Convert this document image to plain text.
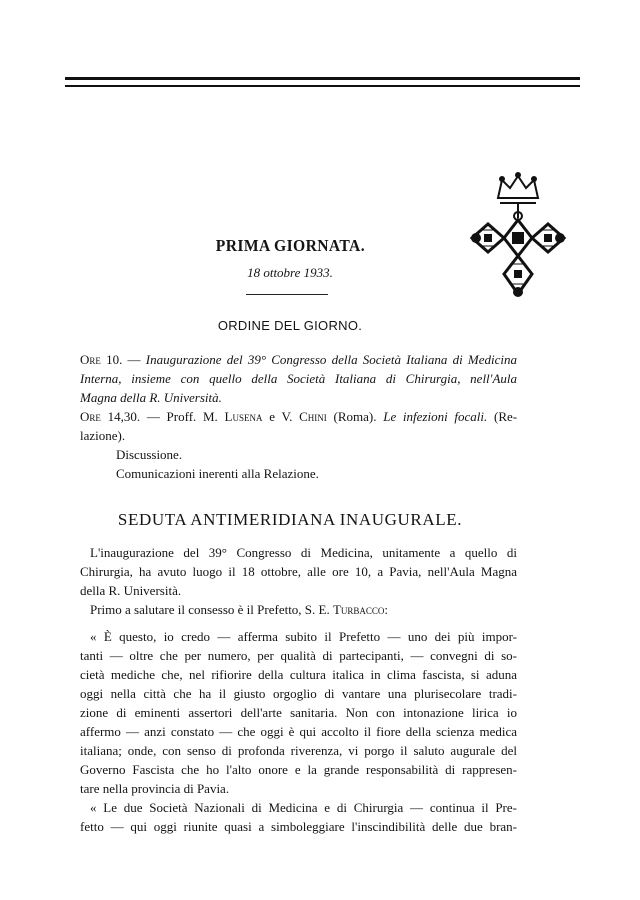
PRIMA GIORNATA.
18 ottobre 1933.
ORDINE DEL GIORNO.
Ore 10. — Inaugurazione del 39° Congresso della Società Italiana di Medicina
Interna, insieme con quello della Società Italiana di Chirurgia, nell'Aula
Magna della R. Università.
Ore 14,30. — Proff. M. Lusena e V. Chini (Roma). Le infezioni focali. (Re-
lazione).
Discussione.
Comunicazioni inerenti alla Relazione.
SEDUTA ANTIMERIDIANA INAUGURALE.
L'inaugurazione del 39° Congresso di Medicina, unitamente a quello di
Chirurgia, ha avuto luogo il 18 ottobre, alle ore 10, a Pavia, nell'Aula Magna
della R. Università.
Primo a salutare il consesso è il Prefetto, S. E. Turbacco:
« È questo, io credo — afferma subito il Prefetto — uno dei più impor-
tanti — oltre che per numero, per qualità di partecipanti, — convegni di so-
cietà mediche che, nel rifiorire della cultura italica in clima fascista, si aduna
oggi nella città che ha il giusto orgoglio di vantare una plurisecolare tradi-
zione di eminenti assertori dell'arte sanitaria. Non con intonazione lirica io
affermo — anzi constato — che oggi è qui accolto il fiore della scienza medica
italiana; onde, con senso di profonda riverenza, vi porgo il saluto augurale del
Governo Fascista che ho l'alto onore e la grande responsabilità di rappresen-
tare nella provincia di Pavia.
« Le due Società Nazionali di Medicina e di Chirurgia — continua il Pre-
fetto — qui oggi riunite quasi a simboleggiare l'inscindibilità delle due bran-
